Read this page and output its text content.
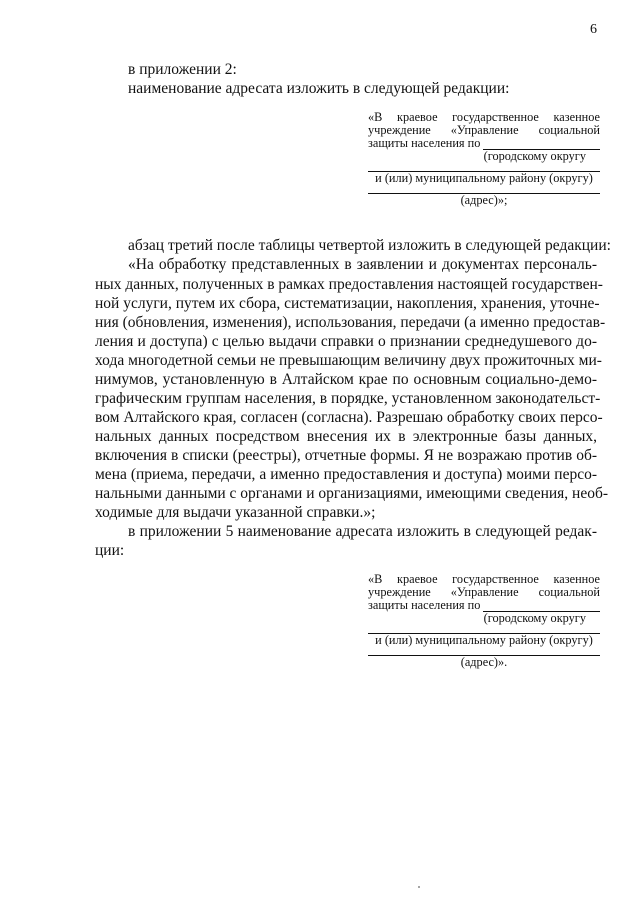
6
в приложении 2:
наименование адресата изложить в следующей редакции:
«В краевое государственное казенное
учреждение «Управление социальной
защиты населения по
(городскому округу
и (или) муниципальному району (округу)
(адрес)»;
абзац третий после таблицы четвертой изложить в следующей редакции:
«На обработку представленных в заявлении и документах персональ-
ных данных, полученных в рамках предоставления настоящей государствен-
ной услуги, путем их сбора, систематизации, накопления, хранения, уточне-
ния (обновления, изменения), использования, передачи (а именно предостав-
ления и доступа) с целью выдачи справки о признании среднедушевого до-
хода многодетной семьи не превышающим величину двух прожиточных ми-
нимумов, установленную в Алтайском крае по основным социально-демо-
графическим группам населения, в порядке, установленном законодательст-
вом Алтайского края, согласен (согласна). Разрешаю обработку своих персо-
нальных данных посредством внесения их в электронные базы данных,
включения в списки (реестры), отчетные формы. Я не возражаю против об-
мена (приема, передачи, а именно предоставления и доступа) моими персо-
нальными данными с органами и организациями, имеющими сведения, необ-
ходимые для выдачи указанной справки.»;
в приложении 5 наименование адресата изложить в следующей редак-
ции:
«В краевое государственное казенное
учреждение «Управление социальной
защиты населения по
(городскому округу
и (или) муниципальному району (округу)
(адрес)».
